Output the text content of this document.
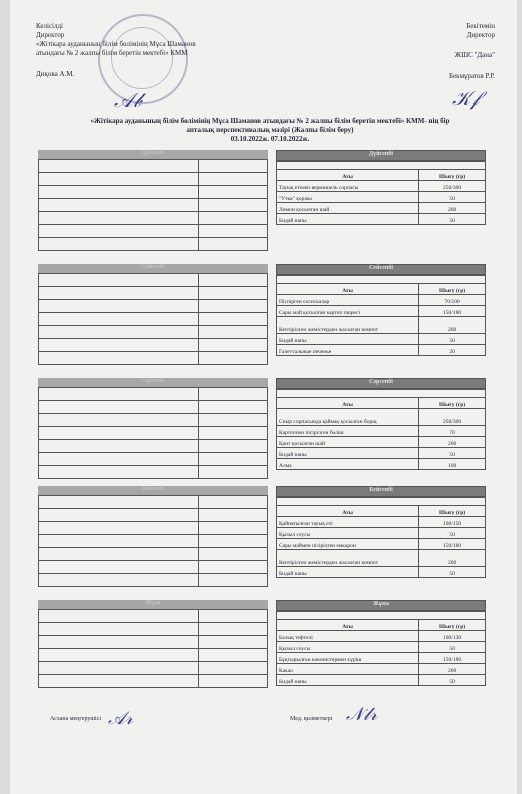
Келісілді
Директор
«Жітікара ауданының білім бөлімінің Мұса Шаманов
атындағы № 2 жалпы білім беретін мектебі» КММ
Диқова А.М.
𝒜𝒷
Бекітемін
Директор
ЖШС "Дана"
Бекмұратов Р.Р.
𝒦𝒻
«Жітікара ауданының білім бөлімінің Мұса Шаманов атындағы № 2 жалпы білім беретін мектебі» КММ- нің бір
апталық перспективалық мәзірі (Жалпы білім беру)
03.10.2022ж. 07.10.2022ж.
Дүйсенбі

Сейсенбі

Сәрсенбі

Бейсенбі

Жұма

Дүйсенбі

Аты	Шығу (гр)
Тауық етімен вермишель сорпасы	250/300
"Утка" қоржы	50
Лимон қосылған шай	200
Бидай наны	50
Сейсенбі

Аты	Шығу (гр)
Піспірген сосискалар	70/100
Сары май қосылған картоп пюресі	150/180
Кептірілген жемістерден жасалған компот	200
Бидай наны	50
Галеттальные печенье	20
Сәрсенбі

Аты	Шығу (гр)
Сиыр сорпасында қаймақ қосылған борщ	250/300
Картоппен пісірілген бәліш	70
Қант қосылған шай	200
Бидай наны	50
Алма	100
Бейсенбі

Аты	Шығу (гр)
Қайнатылған тауық еті	100/150
Қызыл соусы	50
Сары маймен пісірілген макарон	150/180
Кептірілген жемістерден жасалған компот	200
Бидай наны	50
Жұма

Аты	Шығу (гр)
Балық тефтелі	100/130
Қызыл соусы	50
Бұқтырылған көкөністермен күріш	150/180
Какао	200
Бидай наны	50
Асхана меңгерушісі 𝒜𝓇	Мед. қызметкері 𝒩𝓁𝓇
